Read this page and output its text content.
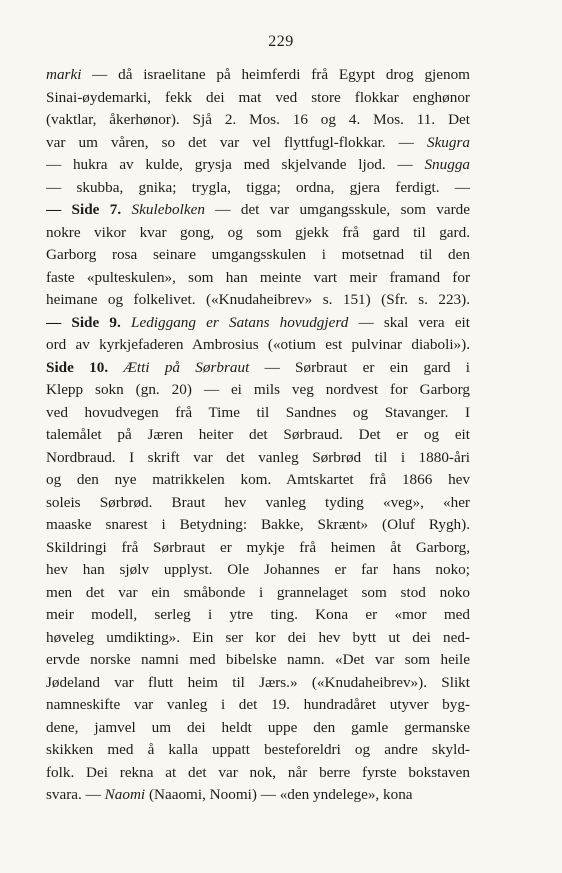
229
marki — då israelitane på heimferdi frå Egypt drog gjenom
Sinai-øydemarki, fekk dei mat ved store flokkar enghønor
(vaktlar, åkerhønor). Sjå 2. Mos. 16 og 4. Mos. 11. Det
var um våren, so det var vel flyttfugl-flokkar. — Skugra
— hukra av kulde, grysja med skjelvande ljod. — Snugga
— skubba, gnika; trygla, tigga; ordna, gjera ferdigt. —
— Side 7. Skulebolken — det var umgangsskule, som varde
nokre vikor kvar gong, og som gjekk frå gard til gard.
Garborg rosa seinare umgangsskulen i motsetnad til den
faste «pulteskulen», som han meinte vart meir framand for
heimane og folkelivet. («Knudaheibrev» s. 151) (Sfr. s. 223).
— Side 9. Lediggang er Satans hovudgjerd — skal vera eit
ord av kyrkjefaderen Ambrosius («otium est pulvinar diaboli»).
Side 10. Ætti på Sørbraut — Sørbraut er ein gard i
Klepp sokn (gn. 20) — ei mils veg nordvest for Garborg
ved hovudvegen frå Time til Sandnes og Stavanger. I
talemålet på Jæren heiter det Sørbraud. Det er og eit
Nordbraud. I skrift var det vanleg Sørbrød til i 1880-åri
og den nye matrikkelen kom. Amtskartet frå 1866 hev
soleis Sørbrød. Braut hev vanleg tyding «veg», «her
maaske snarest i Betydning: Bakke, Skrænt» (Oluf Rygh).
Skildringi frå Sørbraut er mykje frå heimen åt Garborg,
hev han sjølv upplyst. Ole Johannes er far hans noko;
men det var ein småbonde i grannelaget som stod noko
meir modell, serleg i ytre ting. Kona er «mor med
høveleg umdikting». Ein ser kor dei hev bytt ut dei ned-
ervde norske namni med bibelske namn. «Det var som heile
Jødeland var flutt heim til Jærs.» («Knudaheibrev»). Slikt
namneskifte var vanleg i det 19. hundradåret utyver byg-
dene, jamvel um dei heldt uppe den gamle germanske
skikken med å kalla uppatt besteforeldri og andre skyld-
folk. Dei rekna at det var nok, når berre fyrste bokstaven
svara. — Naomi (Naaomi, Noomi) — «den yndelege», kona
